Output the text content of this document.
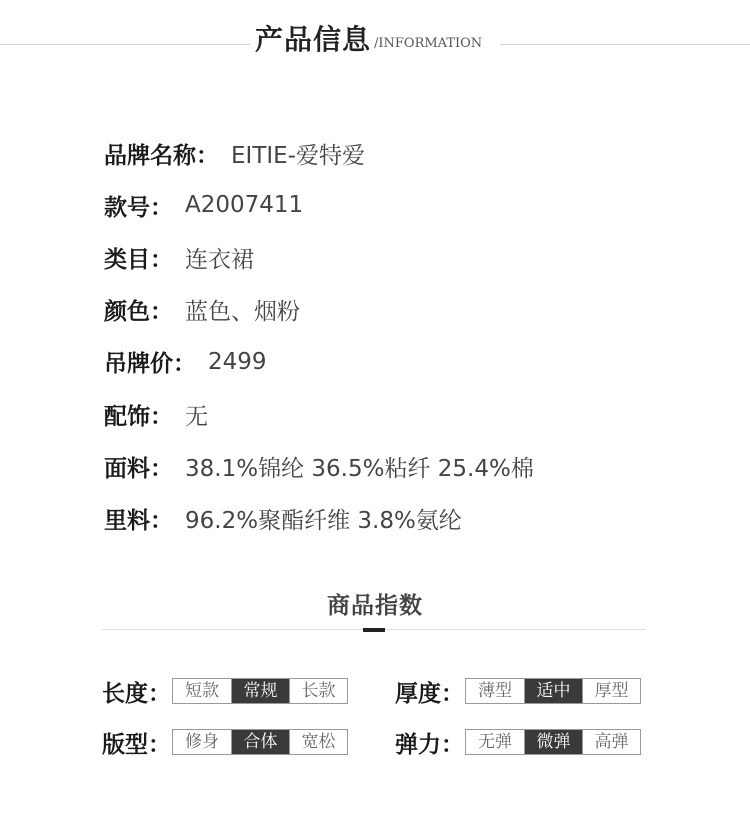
产品信息 /INFORMATION
品牌名称 ： EITIE-爱特爱
款号 ： A2007411
类目 ： 连衣裙
颜色 ： 蓝色、烟粉
吊牌价 ： 2499
配饰 ： 无
面料 ： 38.1%锦纶 36.5%粘纤 25.4%棉
里料 ： 96.2%聚酯纤维 3.8%氨纶
商品指数
长度： 短款	常规	长款	厚度： 薄型	适中	厚型
版型： 修身	合体	宽松	弹力： 无弹	微弹	高弹
